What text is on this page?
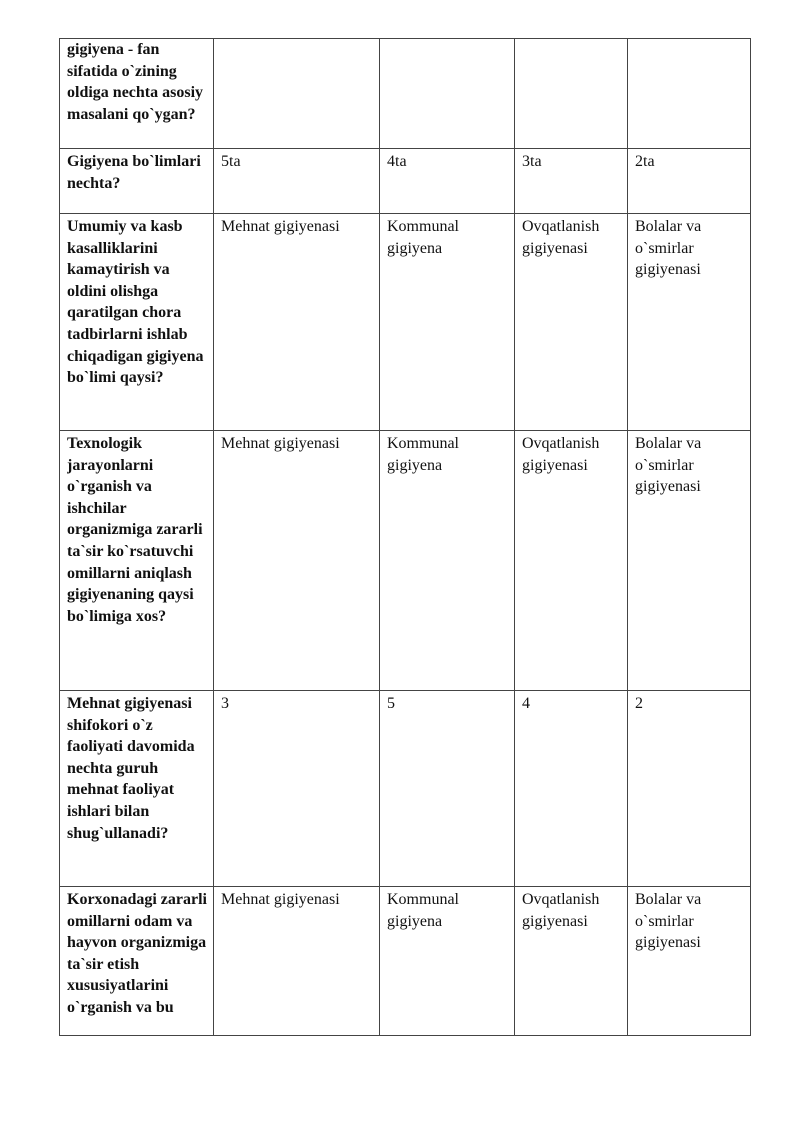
gigiyena - fan sifatida o`zining oldiga nechta asosiy masalani qo`ygan?				

Gigiyena bo`limlari nechta?	5ta	4ta	3ta	2ta

Umumiy va kasb kasalliklarini kamaytirish va oldini olishga qaratilgan chora tadbirlarni ishlab chiqadigan gigiyena bo`limi qaysi?	Mehnat gigiyenasi	Kommunal gigiyena	Ovqatlanish gigiyenasi	Bolalar va o`smirlar gigiyenasi

Texnologik jarayonlarni o`rganish va ishchilar organizmiga zararli ta`sir ko`rsatuvchi omillarni aniqlash gigiyenaning qaysi bo`limiga xos?	Mehnat gigiyenasi	Kommunal gigiyena	Ovqatlanish gigiyenasi	Bolalar va o`smirlar gigiyenasi

Mehnat gigiyenasi shifokori o`z faoliyati davomida nechta guruh mehnat faoliyat ishlari bilan shug`ullanadi?	3	5	4	2

Korxonadagi zararli omillarni odam va hayvon organizmiga ta`sir etish xususiyatlarini o`rganish va bu	Mehnat gigiyenasi	Kommunal gigiyena	Ovqatlanish gigiyenasi	Bolalar va o`smirlar gigiyenasi
